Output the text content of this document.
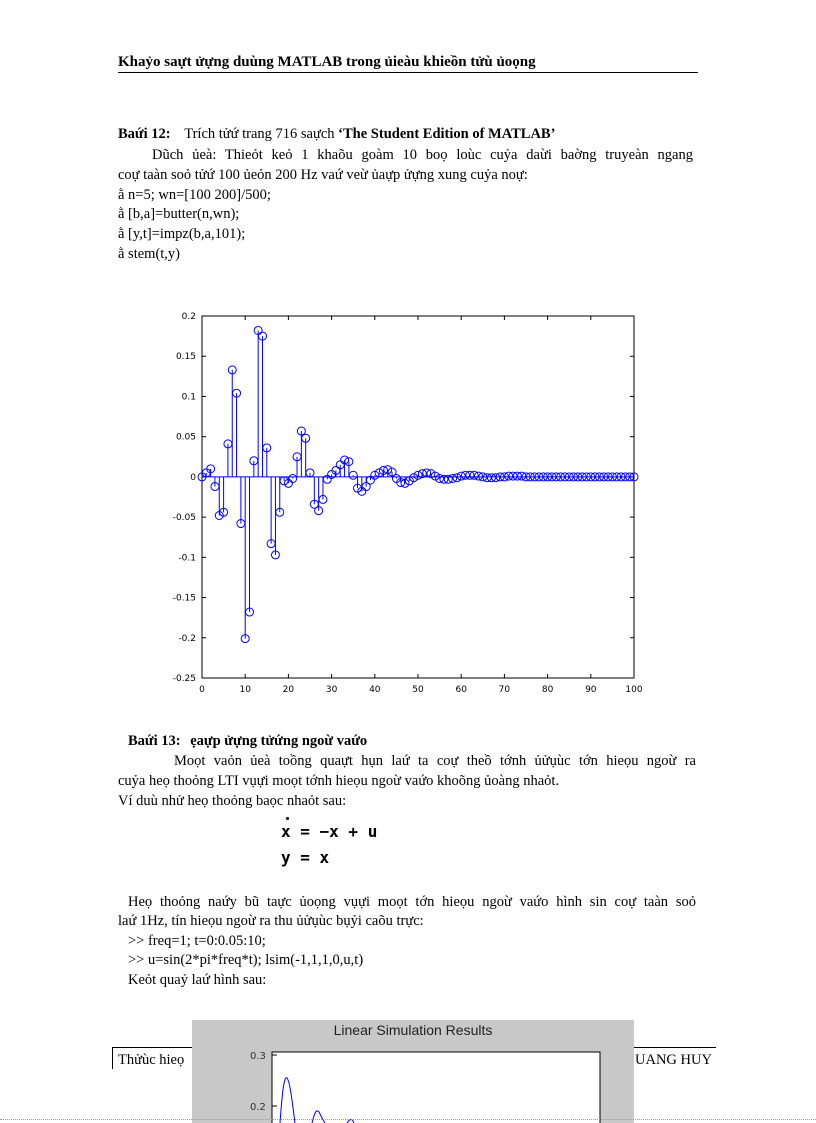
Khaỷo saựt ửựng duùng MATLAB trong ủieàu khieồn tửù ủoọng
Baứi 12: Trích tửứ trang 716 saựch ‘The Student Edition of MATLAB’
Dũch ủeà: Thieỏt keỏ 1 khaõu goàm 10 boọ loùc cuỷa daừi baờng truyeàn ngang
coự taàn soỏ tửứ 100 ủeỏn 200 Hz vaứ veừ ủaựp ửựng xung cuỷa noự:
ằ n=5; wn=[100 200]/500;
ằ [b,a]=butter(n,wn);
ằ [y,t]=impz(b,a,101);
ằ stem(t,y)
0.2
0.15
0.1
0.05
0
-0.05
-0.1
-0.15
-0.2
-0.25
0	10	20	30	40	50	60	70	80	90	100
Baứi 13: ẹaựp ửựng tửứng ngoừ vaứo
Moọt vaỏn ủeà toồng quaựt hụn laứ ta coự theồ tớnh ủửụùc tớn hieọu ngoừ ra
cuỷa heọ thoỏng LTI vụựi moọt tớnh hieọu ngoừ vaứo khoõng ủoàng nhaỏt.
Ví duù nhử heọ thoỏng baọc nhaỏt sau:
x = −x + u
y = x
Heọ thoỏng naứy bũ taực ủoọng vụựi moọt tớn hieọu ngoừ vaứo hình sin coự taàn soỏ
laứ 1Hz, tín hieọu ngoừ ra thu ủửụùc bụỷi caõu trực:
>> freq=1; t=0:0.05:10;
>> u=sin(2*pi*freq*t); lsim(-1,1,1,0,u,t)
Keỏt quaỷ laứ hình sau:
Thửùc hieọ	UANG HUY
Linear Simulation Results
0.3
0.2
